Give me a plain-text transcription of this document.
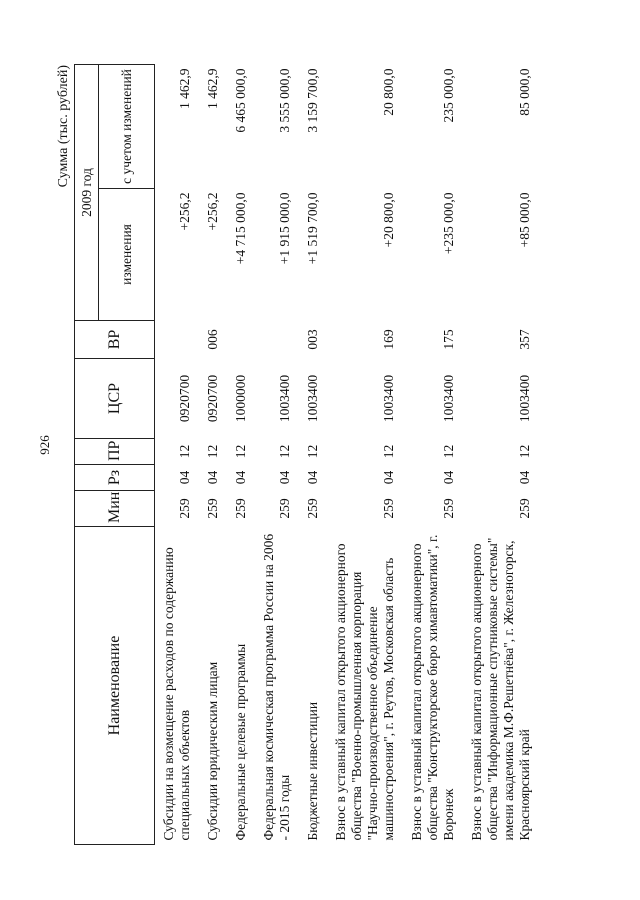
926
Сумма (тыс. рублей)
Наименование	Мин	Рз	ПР	ЦСР	ВР	2009 год	
						изменения	с учетом изменений
Субсидии на возмещение расходов по содержанию специальных объектов	259	04	12	0920700		+256,2	1 462,9
Субсидии юридическим лицам	259	04	12	0920700	006	+256,2	1 462,9
Федеральные целевые программы	259	04	12	1000000		+4 715 000,0	6 465 000,0
Федеральная космическая программа России на 2006 - 2015 годы	259	04	12	1003400		+1 915 000,0	3 555 000,0
Бюджетные инвестиции	259	04	12	1003400	003	+1 519 700,0	3 159 700,0
Взнос в уставный капитал открытого акционерного общества "Военно-промышленная корпорация "Научно-производственное объединение машиностроения", г. Реутов, Московская область	259	04	12	1003400	169	+20 800,0	20 800,0
Взнос в уставный капитал открытого акционерного общества "Конструкторское бюро химавтоматики", г. Воронеж	259	04	12	1003400	175	+235 000,0	235 000,0
Взнос в уставный капитал открытого акционерного общества "Информационные спутниковые системы" имени академика М.Ф.Решетнёва", г. Железногорск, Красноярский край	259	04	12	1003400	357	+85 000,0	85 000,0
